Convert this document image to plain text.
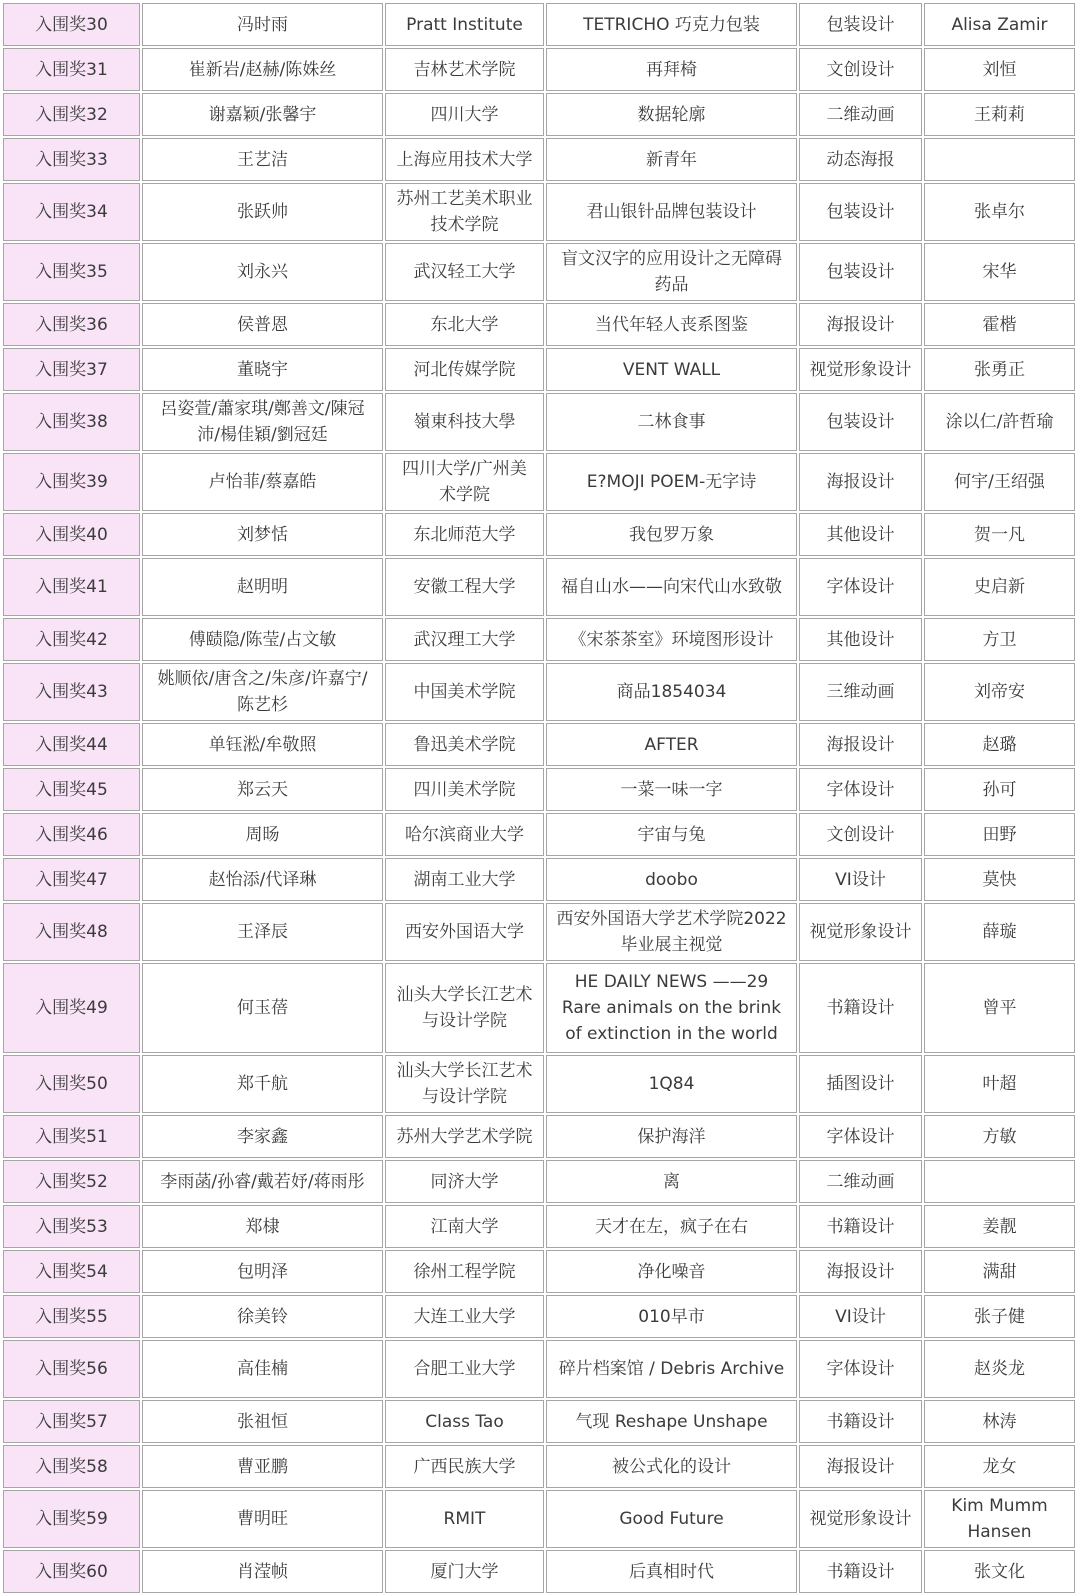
入围奖30	冯时雨	Pratt Institute	TETRICHO 巧克力包装	包装设计	Alisa Zamir
入围奖31	崔新岩/赵赫/陈姝丝	吉林艺术学院	再拜椅	文创设计	刘恒
入围奖32	谢嘉颖/张馨宇	四川大学	数据轮廓	二维动画	王莉莉
入围奖33	王艺洁	上海应用技术大学	新青年	动态海报	
入围奖34	张跃帅	苏州工艺美术职业技术学院	君山银针品牌包装设计	包装设计	张卓尔
入围奖35	刘永兴	武汉轻工大学	盲文汉字的应用设计之无障碍药品	包装设计	宋华
入围奖36	侯普恩	东北大学	当代年轻人丧系图鉴	海报设计	霍楷
入围奖37	董晓宇	河北传媒学院	VENT WALL	视觉形象设计	张勇正
入围奖38	呂姿萱/蕭家琪/鄭善文/陳冠沛/楊佳穎/劉冠廷	嶺東科技大學	二林食事	包装设计	涂以仁/許哲瑜
入围奖39	卢怡菲/蔡嘉皓	四川大学/广州美术学院	E?MOJI POEM-无字诗	海报设计	何宇/王绍强
入围奖40	刘梦恬	东北师范大学	我包罗万象	其他设计	贺一凡
入围奖41	赵明明	安徽工程大学	福自山水——向宋代山水致敬	字体设计	史启新
入围奖42	傅赜隐/陈莹/占文敏	武汉理工大学	《宋茶茶室》环境图形设计	其他设计	方卫
入围奖43	姚顺依/唐含之/朱彦/许嘉宁/陈艺杉	中国美术学院	商品1854034	三维动画	刘帝安
入围奖44	单钰淞/牟敬照	鲁迅美术学院	AFTER	海报设计	赵璐
入围奖45	郑云天	四川美术学院	一菜一味一字	字体设计	孙可
入围奖46	周旸	哈尔滨商业大学	宇宙与兔	文创设计	田野
入围奖47	赵怡添/代译琳	湖南工业大学	doobo	VI设计	莫快
入围奖48	王泽辰	西安外国语大学	西安外国语大学艺术学院2022毕业展主视觉	视觉形象设计	薛璇
入围奖49	何玉蓓	汕头大学长江艺术与设计学院	HE DAILY NEWS ——29 Rare animals on the brink of extinction in the world	书籍设计	曾平
入围奖50	郑千航	汕头大学长江艺术与设计学院	1Q84	插图设计	叶超
入围奖51	李家鑫	苏州大学艺术学院	保护海洋	字体设计	方敏
入围奖52	李雨菡/孙睿/戴若妤/蒋雨彤	同济大学	离	二维动画	
入围奖53	郑棣	江南大学	天才在左，疯子在右	书籍设计	姜靓
入围奖54	包明泽	徐州工程学院	净化噪音	海报设计	满甜
入围奖55	徐美铃	大连工业大学	010早市	VI设计	张子健
入围奖56	高佳楠	合肥工业大学	碎片档案馆 / Debris Archive	字体设计	赵炎龙
入围奖57	张祖恒	Class Tao	气现 Reshape Unshape	书籍设计	林涛
入围奖58	曹亚鹏	广西民族大学	被公式化的设计	海报设计	龙女
入围奖59	曹明旺	RMIT	Good Future	视觉形象设计	Kim Mumm Hansen
入围奖60	肖滢帧	厦门大学	后真相时代	书籍设计	张文化
